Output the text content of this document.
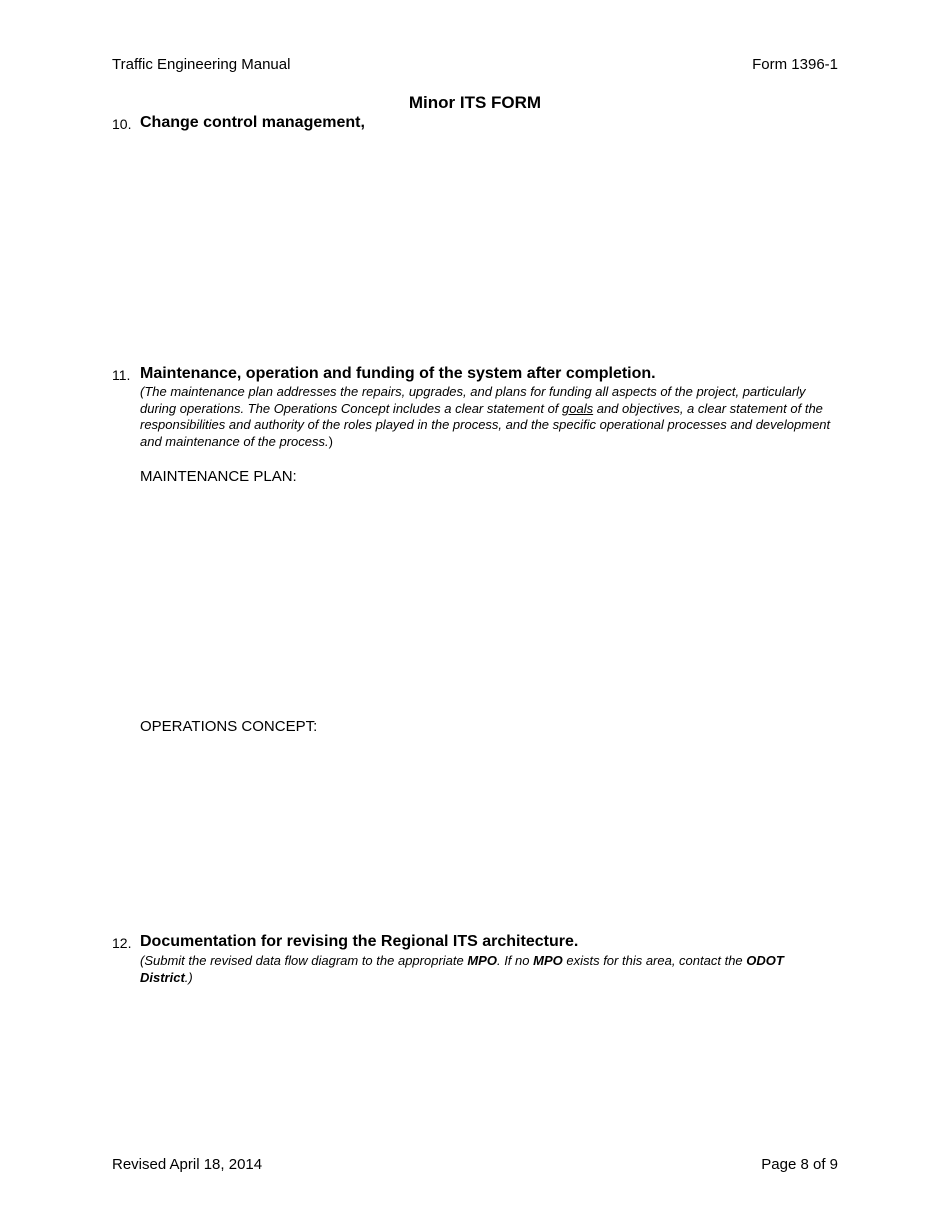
Traffic Engineering Manual	Form 1396-1
Minor ITS FORM
10. Change control management,
11. Maintenance, operation and funding of the system after completion.
(The maintenance plan addresses the repairs, upgrades, and plans for funding all aspects of the project, particularly during operations. The Operations Concept includes a clear statement of goals and objectives, a clear statement of the responsibilities and authority of the roles played in the process, and the specific operational processes and development and maintenance of the process.)
MAINTENANCE PLAN:
OPERATIONS CONCEPT:
12. Documentation for revising the Regional ITS architecture.
(Submit the revised data flow diagram to the appropriate MPO. If no MPO exists for this area, contact the ODOT District.)
Revised April 18, 2014	Page 8 of 9
